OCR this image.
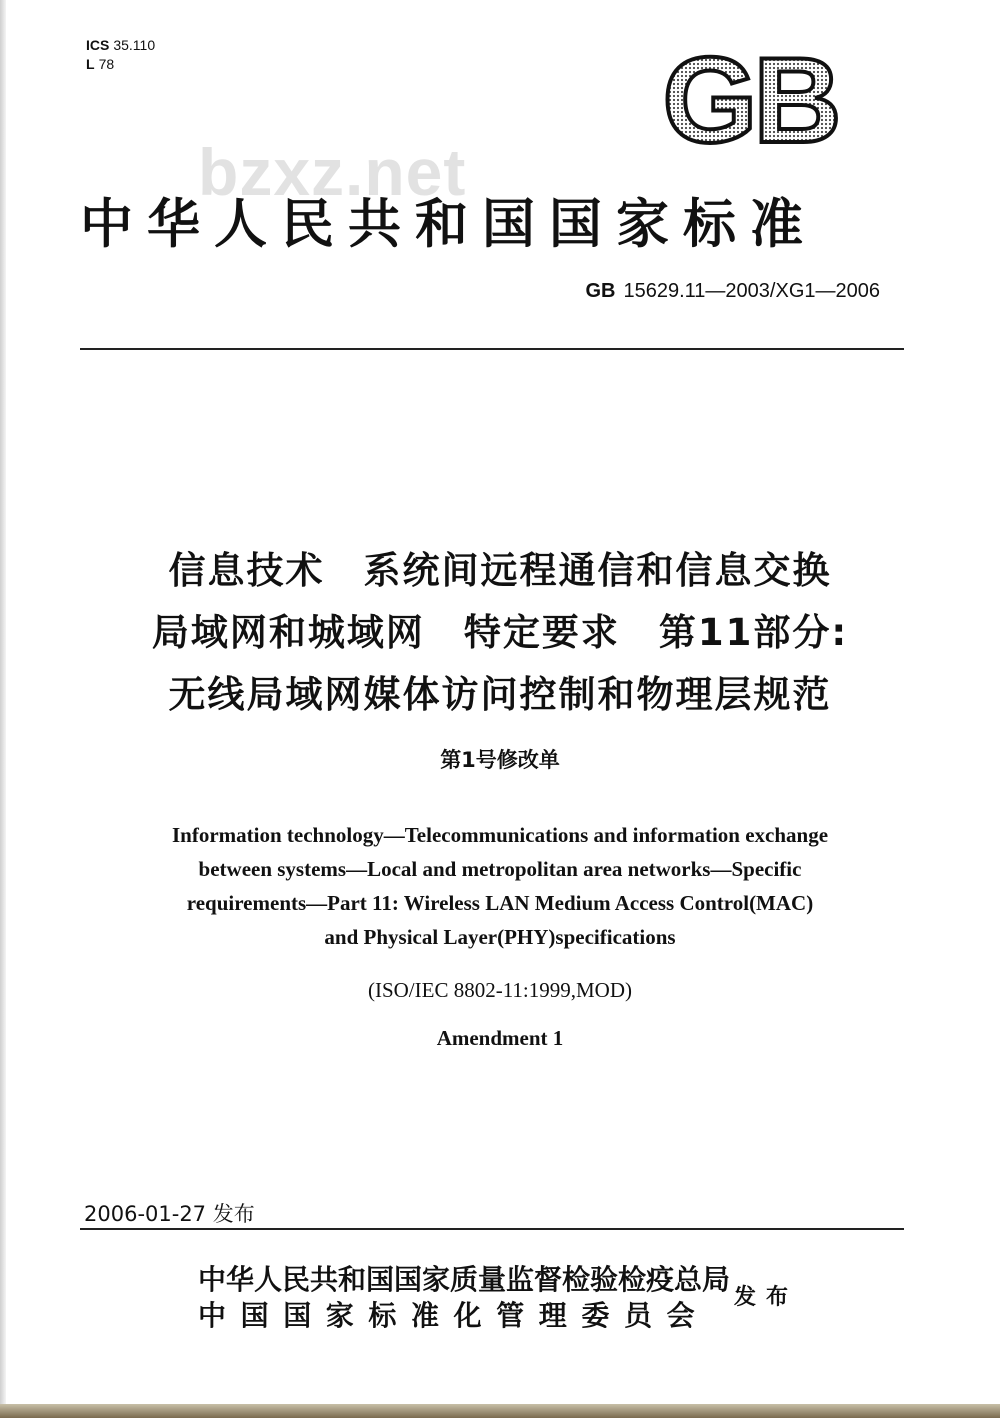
ICS 35.110
L 78	GB
bzxz.net
中华人民共和国国家标准
GB 15629.11—2003/XG1—2006
信息技术　系统间远程通信和信息交换
局域网和城域网　特定要求　第11部分:
无线局域网媒体访问控制和物理层规范
第1号修改单
Information technology—Telecommunications and information exchange
between systems—Local and metropolitan area networks—Specific
requirements—Part 11: Wireless LAN Medium Access Control(MAC)
and Physical Layer(PHY)specifications
(ISO/IEC 8802-11:1999,MOD)
Amendment 1
2006-01-27 发布
中华人民共和国国家质量监督检验检疫总局
中国国家标准化管理委员会
发布
